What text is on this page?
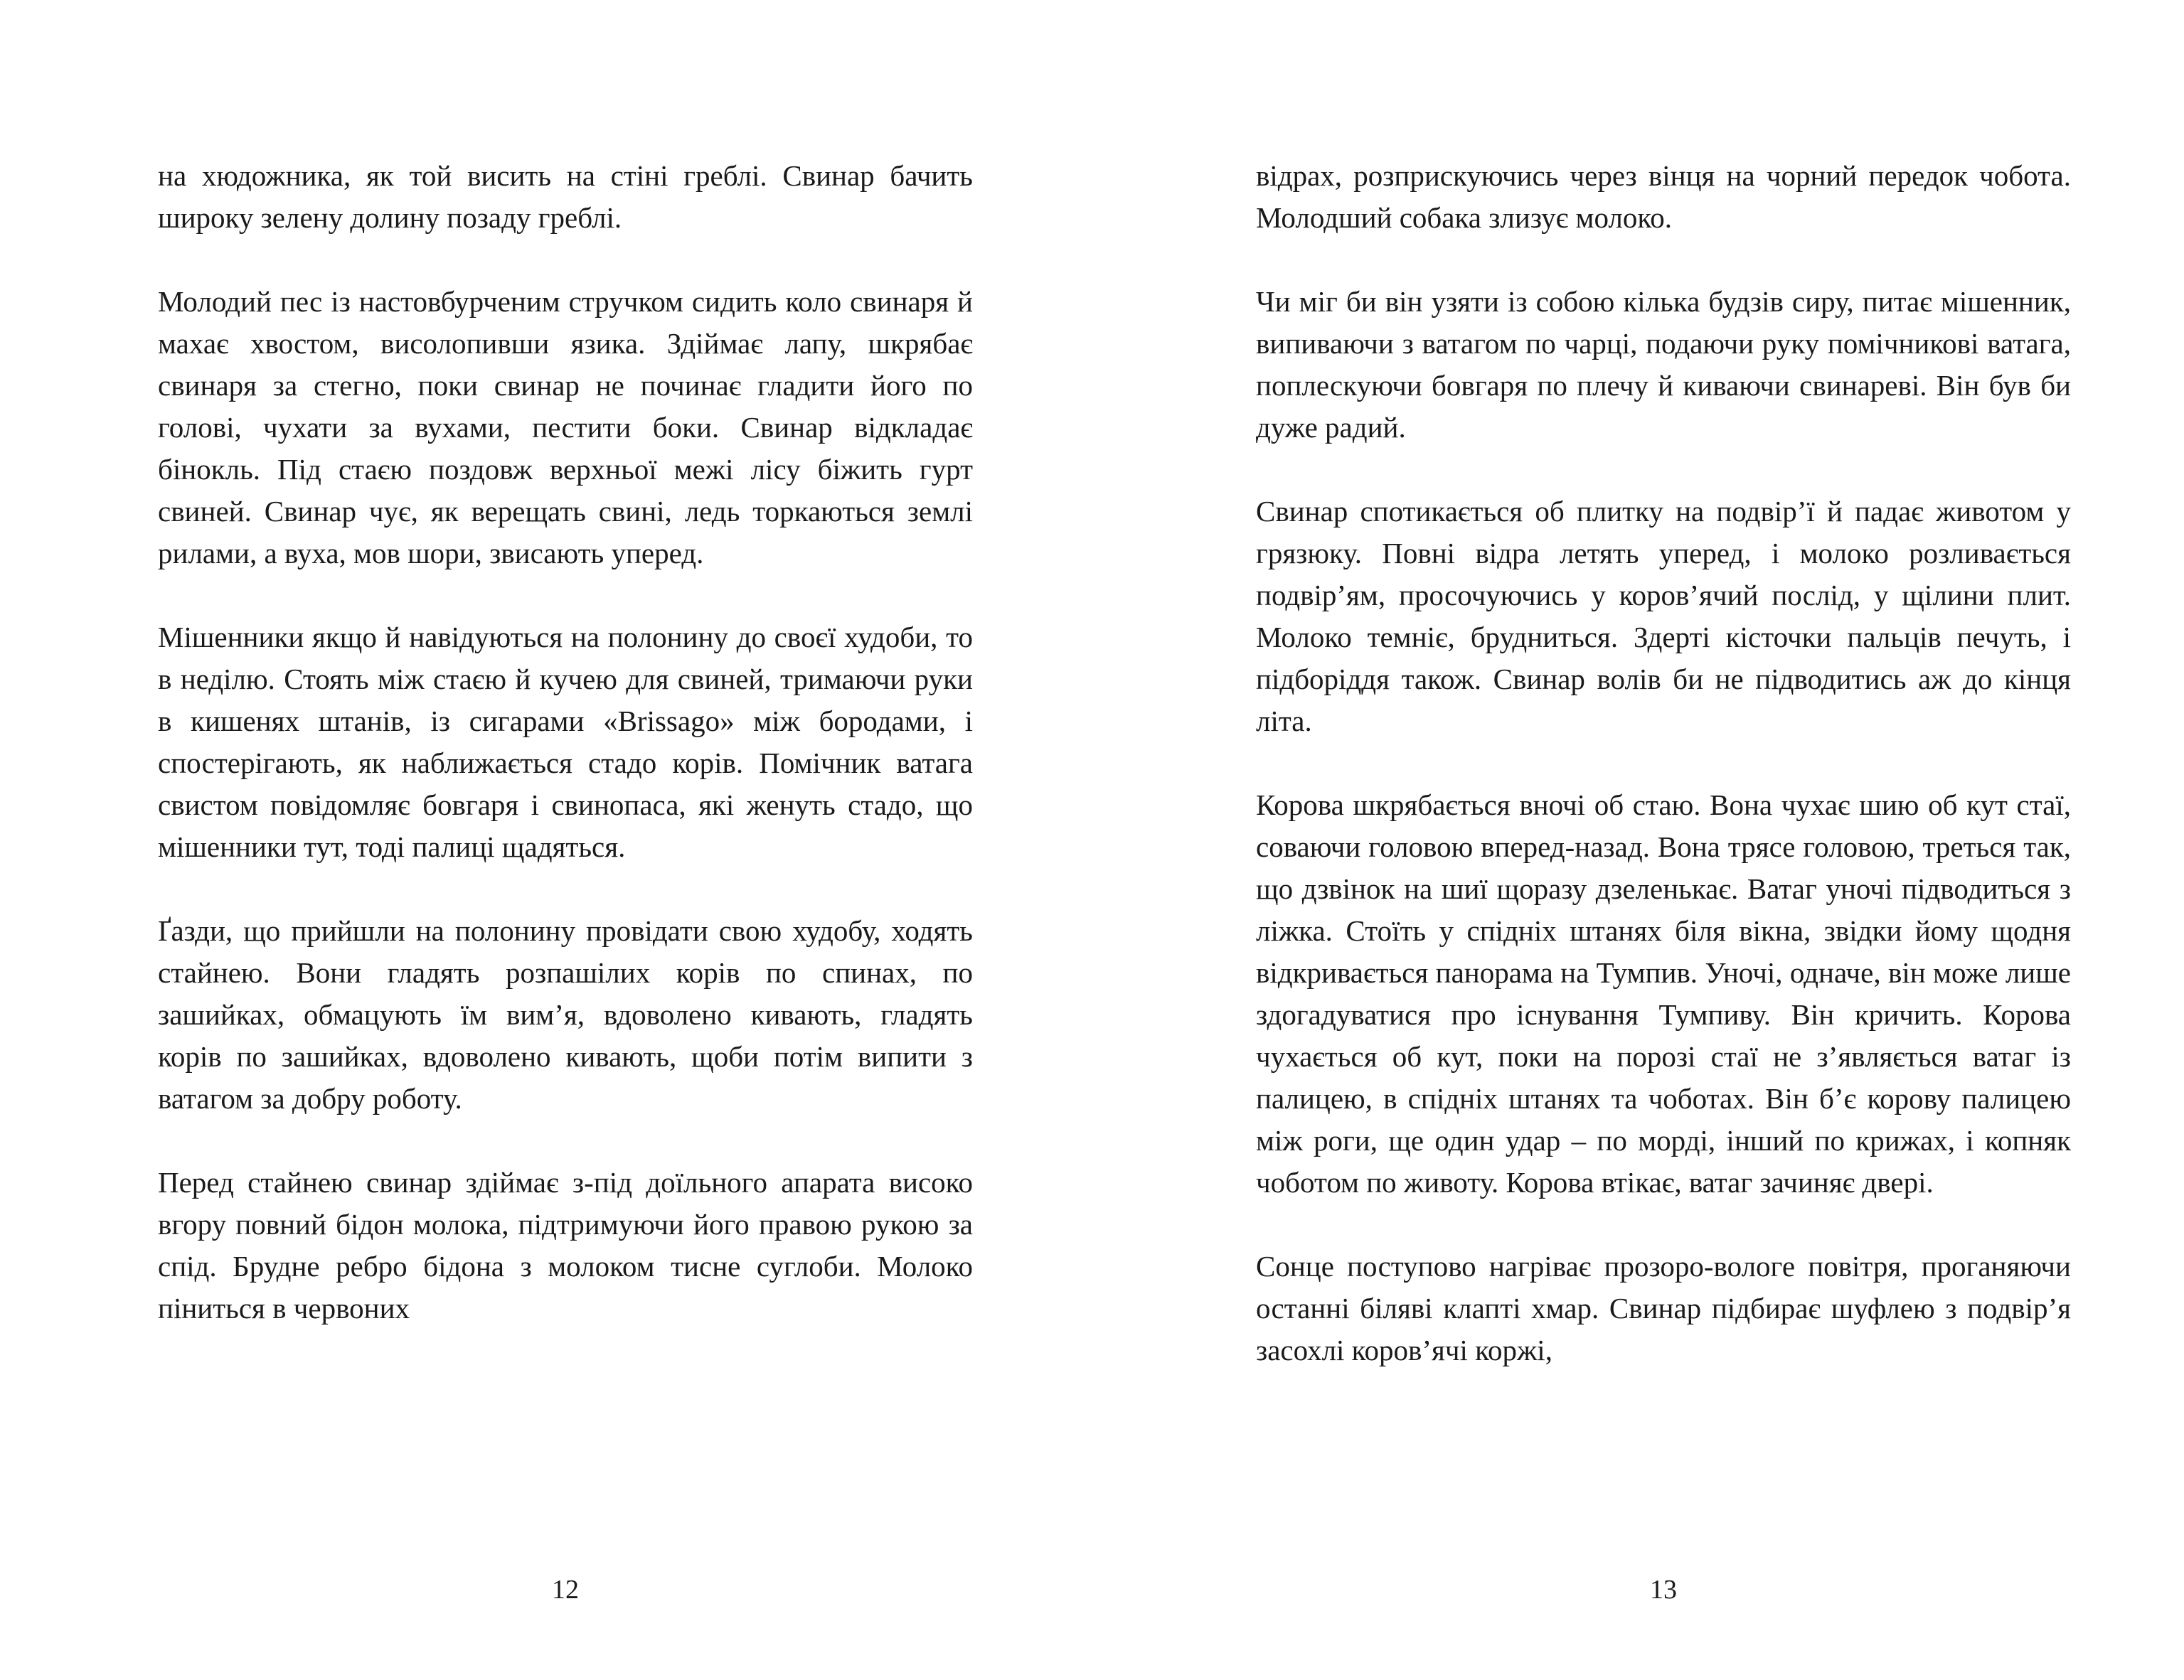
на хюдожника, як той висить на стіні греблі. Свинар бачить широку зелену долину позаду греблі.

Молодий пес із настовбурченим стручком сидить коло свинаря й махає хвостом, висолопивши язика. Здіймає лапу, шкрябає свинаря за стегно, поки свинар не починає гладити його по голові, чухати за вухами, пестити боки. Свинар відкладає бінокль. Під стаєю поздовж верхньої межі лісу біжить гурт свиней. Свинар чує, як верещать свині, ледь торкаються землі рилами, а вуха, мов шори, звисають уперед.

Мішенники якщо й навідуються на полонину до своєї худоби, то в неділю. Стоять між стаєю й кучею для свиней, тримаючи руки в кишенях штанів, із сигарами «Brissago» між бородами, і спостерігають, як наближається стадо корів. Помічник ватага свистом повідомляє бовгаря і свинопаса, які женуть стадо, що мішенники тут, тоді палиці щадяться.

Ґазди, що прийшли на полонину провідати свою худобу, ходять стайнею. Вони гладять розпашілих корів по спинах, по зашийках, обмацують їм вим’я, вдоволено кивають, гладять корів по зашийках, вдоволено кивають, щоби потім випити з ватагом за добру роботу.

Перед стайнею свинар здіймає з-під доїльного апарата високо вгору повний бідон молока, підтримуючи його правою рукою за спід. Брудне ребро бідона з молоком тисне суглоби. Молоко піниться в червоних

12

відрах, розприскуючись через вінця на чорний передок чобота. Молодший собака злизує молоко.

Чи міг би він узяти із собою кілька будзів сиру, питає мішенник, випиваючи з ватагом по чарці, подаючи руку помічникові ватага, поплескуючи бовгаря по плечу й киваючи свинареві. Він був би дуже радий.

Свинар спотикається об плитку на подвір’ї й падає животом у грязюку. Повні відра летять уперед, і молоко розливається подвір’ям, просочуючись у коров’ячий послід, у щілини плит. Молоко темніє, брудниться. Здерті кісточки пальців печуть, і підборіддя також. Свинар волів би не підводитись аж до кінця літа.

Корова шкрябається вночі об стаю. Вона чухає шию об кут стаї, соваючи головою вперед-назад. Вона трясе головою, треться так, що дзвінок на шиї щоразу дзеленькає. Ватаг уночі підводиться з ліжка. Стоїть у спідніх штанях біля вікна, звідки йому щодня відкривається панорама на Тумпив. Уночі, одначе, він може лише здогадуватися про існування Тумпиву. Він кричить. Корова чухається об кут, поки на порозі стаї не з’являється ватаг із палицею, в спідніх штанях та чоботах. Він б’є корову палицею між роги, ще один удар – по морді, інший по крижах, і копняк чоботом по животу. Корова втікає, ватаг зачиняє двері.

Сонце поступово нагріває прозоро-вологе повітря, проганяючи останні біляві клапті хмар. Свинар підбирає шуфлею з подвір’я засохлі коров’ячі коржі,

13
